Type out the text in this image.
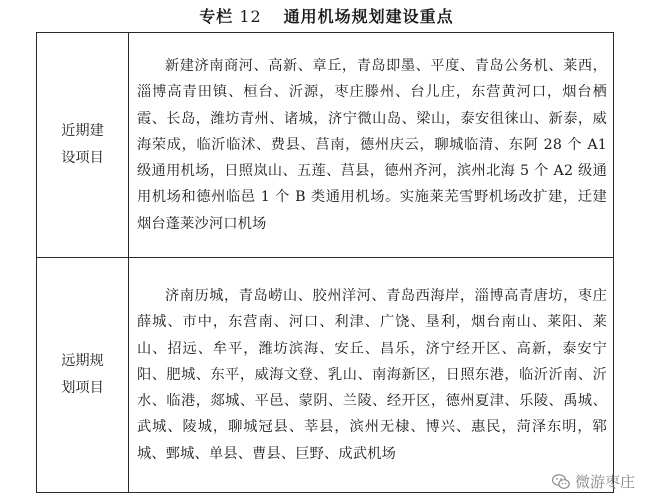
专栏 12 通用机场规划建设重点
近期建
设项目	新建济南商河、高新、章丘，青岛即墨、平度、青岛公务机、莱西，淄博高青田镇、桓台、沂源，枣庄滕州、台儿庄，东营黄河口，烟台栖霞、长岛，潍坊青州、诸城，济宁微山岛、梁山，泰安徂徕山、新泰，威海荣成，临沂临沭、费县、莒南，德州庆云，聊城临清、东阿 28 个 A1 级通用机场，日照岚山、五莲、莒县，德州齐河，滨州北海 5 个 A2 级通用机场和德州临邑 1 个 B 类通用机场。实施莱芜雪野机场改扩建，迁建烟台蓬莱沙河口机场

远期规
划项目	济南历城，青岛崂山、胶州洋河、青岛西海岸，淄博高青唐坊，枣庄薛城、市中，东营南、河口、利津、广饶、垦利，烟台南山、莱阳、莱山、招远、牟平，潍坊滨海、安丘、昌乐，济宁经开区、高新，泰安宁阳、肥城、东平，威海文登、乳山、南海新区，日照东港，临沂沂南、沂水、临港，郯城、平邑、蒙阴、兰陵、经开区，德州夏津、乐陵、禹城、武城、陵城，聊城冠县、莘县，滨州无棣、博兴、惠民，菏泽东明，郓城、鄄城、单县、曹县、巨野、成武机场
微游枣庄
